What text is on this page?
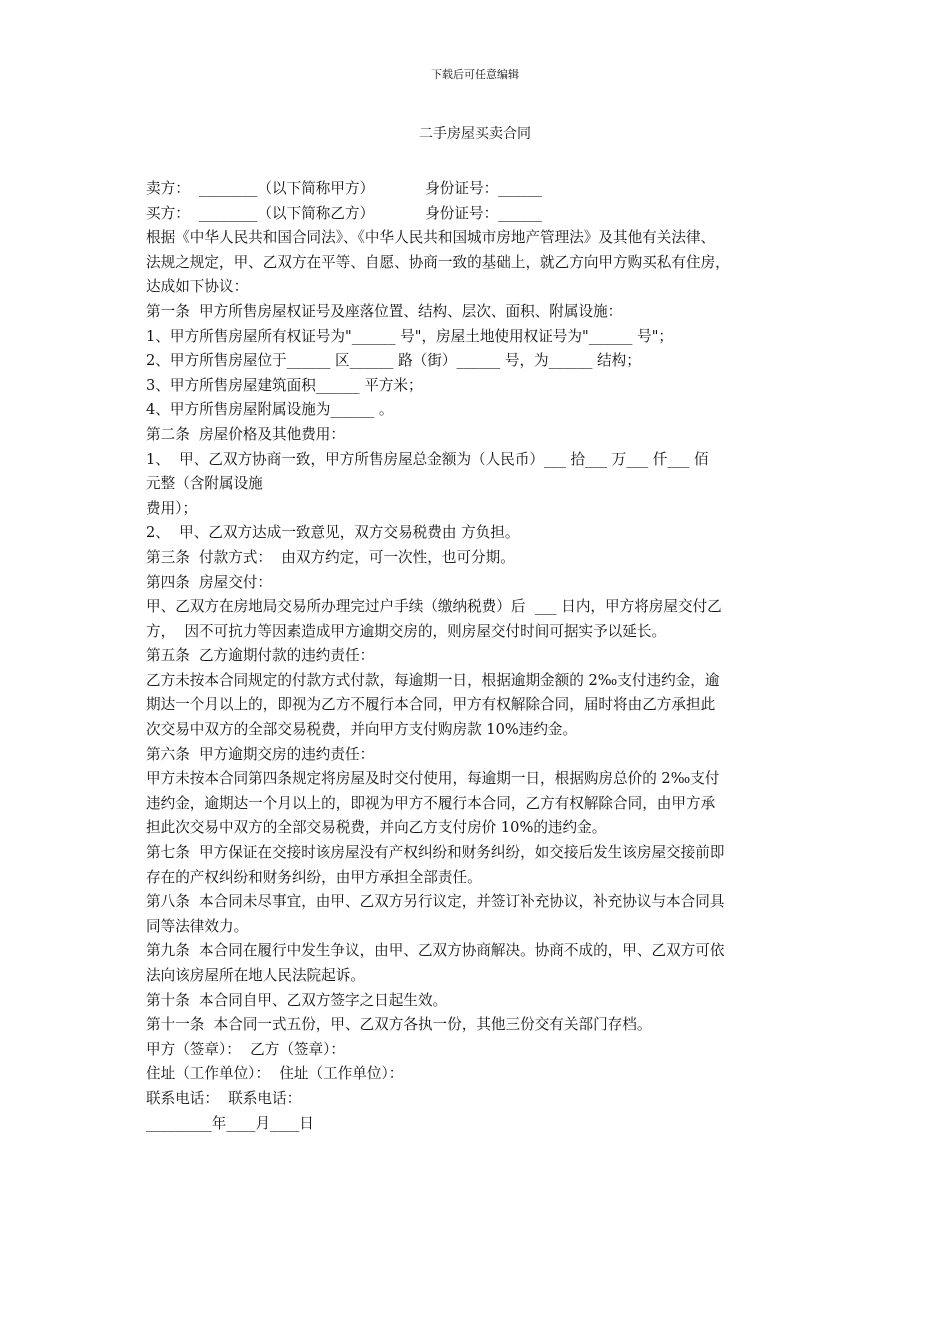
下载后可任意编辑
二手房屋买卖合同
卖方：  ________（以下简称甲方）           身份证号：______
买方：  ________（以下简称乙方）           身份证号：______
根据《中华人民共和国合同法》、《中华人民共和国城市房地产管理法》及其他有关法律、
法规之规定，甲、乙双方在平等、自愿、协商一致的基础上，就乙方向甲方购买私有住房，
达成如下协议：
第一条  甲方所售房屋权证号及座落位置、结构、层次、面积、附属设施：
1、甲方所售房屋所有权证号为"______ 号"，房屋土地使用权证号为"______ 号"；
2、甲方所售房屋位于______ 区______ 路（街）______ 号，为______ 结构；
3、甲方所售房屋建筑面积______ 平方米；
4、甲方所售房屋附属设施为______ 。
第二条  房屋价格及其他费用：
1、  甲、乙双方协商一致，甲方所售房屋总金额为（人民币）___ 拾___ 万___ 仟___ 佰
元整（含附属设施
费用）；
2、  甲、乙双方达成一致意见，双方交易税费由 方负担。
第三条  付款方式：  由双方约定，可一次性，也可分期。
第四条  房屋交付：
甲、乙双方在房地局交易所办理完过户手续（缴纳税费）后  ___ 日内，甲方将房屋交付乙
方，  因不可抗力等因素造成甲方逾期交房的，则房屋交付时间可据实予以延长。
第五条  乙方逾期付款的违约责任：
乙方未按本合同规定的付款方式付款，每逾期一日，根据逾期金额的 2‰支付违约金，逾
期达一个月以上的，即视为乙方不履行本合同，甲方有权解除合同，届时将由乙方承担此
次交易中双方的全部交易税费，并向甲方支付购房款 10%违约金。
第六条  甲方逾期交房的违约责任：
甲方未按本合同第四条规定将房屋及时交付使用，每逾期一日，根据购房总价的 2‰支付
违约金，逾期达一个月以上的，即视为甲方不履行本合同，乙方有权解除合同，由甲方承
担此次交易中双方的全部交易税费，并向乙方支付房价 10%的违约金。
第七条  甲方保证在交接时该房屋没有产权纠纷和财务纠纷，如交接后发生该房屋交接前即
存在的产权纠纷和财务纠纷，由甲方承担全部责任。
第八条  本合同未尽事宜，由甲、乙双方另行议定，并签订补充协议，补充协议与本合同具
同等法律效力。
第九条  本合同在履行中发生争议，由甲、乙双方协商解决。协商不成的，甲、乙双方可依
法向该房屋所在地人民法院起诉。
第十条  本合同自甲、乙双方签字之日起生效。
第十一条  本合同一式五份，甲、乙双方各执一份，其他三份交有关部门存档。
甲方（签章）：  乙方（签章）：
住址（工作单位）：  住址（工作单位）：
联系电话：  联系电话：
_________年____月____日
